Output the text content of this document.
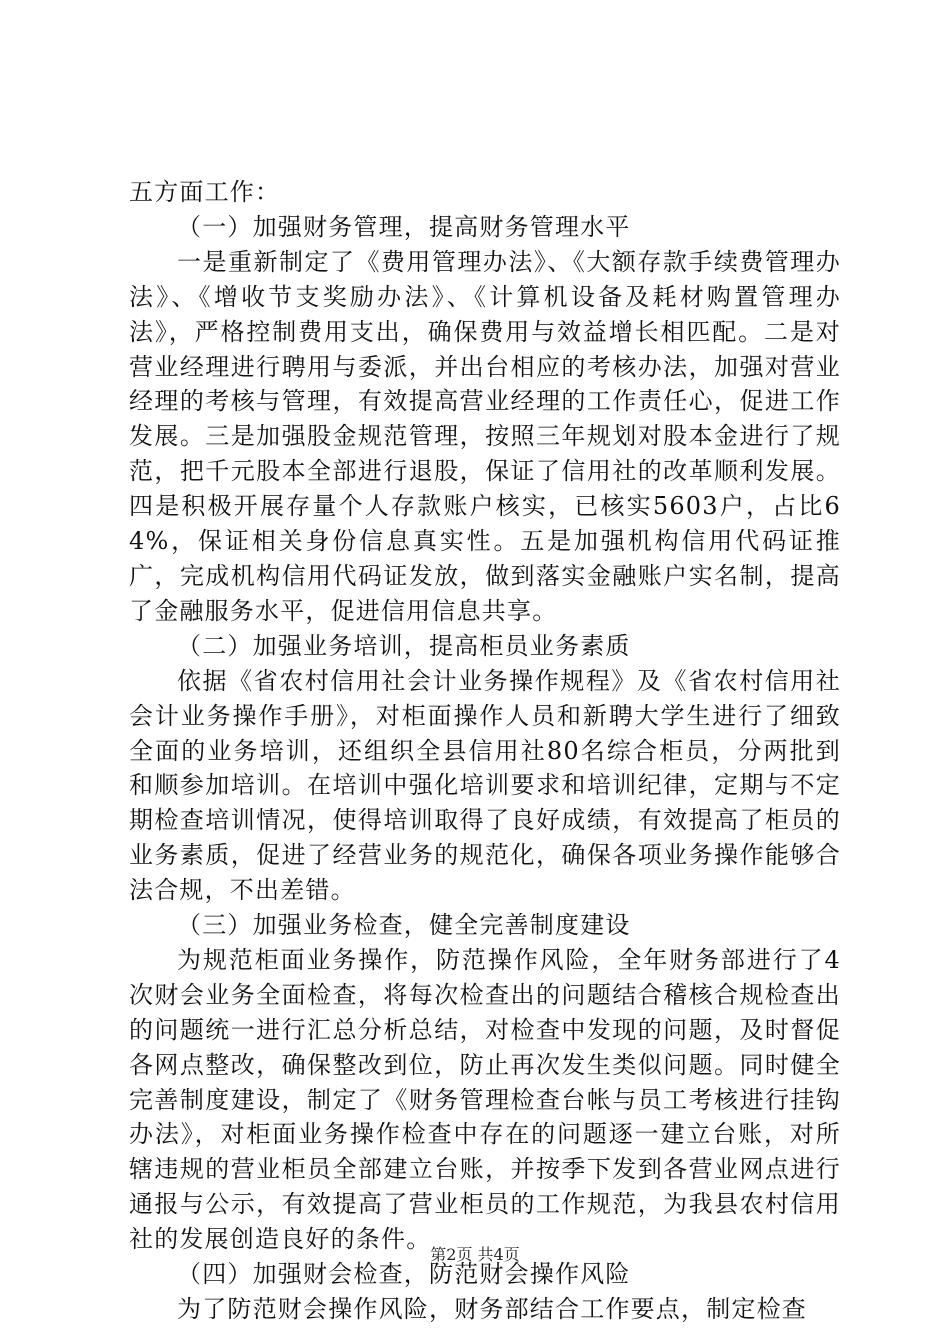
五方面工作：

（一）加强财务管理，提高财务管理水平

一是重新制定了《费用管理办法》、《大额存款手续费管理办法》、《增收节支奖励办法》、《计算机设备及耗材购置管理办法》，严格控制费用支出，确保费用与效益增长相匹配。二是对营业经理进行聘用与委派，并出台相应的考核办法，加强对营业经理的考核与管理，有效提高营业经理的工作责任心，促进工作发展。三是加强股金规范管理，按照三年规划对股本金进行了规范，把千元股本全部进行退股，保证了信用社的改革顺利发展。四是积极开展存量个人存款账户核实，已核实5603户，占比64%，保证相关身份信息真实性。五是加强机构信用代码证推广，完成机构信用代码证发放，做到落实金融账户实名制，提高了金融服务水平，促进信用信息共享。

（二）加强业务培训，提高柜员业务素质

依据《省农村信用社会计业务操作规程》及《省农村信用社会计业务操作手册》，对柜面操作人员和新聘大学生进行了细致全面的业务培训，还组织全县信用社80名综合柜员，分两批到和顺参加培训。在培训中强化培训要求和培训纪律，定期与不定期检查培训情况，使得培训取得了良好成绩，有效提高了柜员的业务素质，促进了经营业务的规范化，确保各项业务操作能够合法合规，不出差错。

（三）加强业务检查，健全完善制度建设

为规范柜面业务操作，防范操作风险，全年财务部进行了4次财会业务全面检查，将每次检查出的问题结合稽核合规检查出的问题统一进行汇总分析总结，对检查中发现的问题，及时督促各网点整改，确保整改到位，防止再次发生类似问题。同时健全完善制度建设，制定了《财务管理检查台帐与员工考核进行挂钩办法》，对柜面业务操作检查中存在的问题逐一建立台账，对所辖违规的营业柜员全部建立台账，并按季下发到各营业网点进行通报与公示，有效提高了营业柜员的工作规范，为我县农村信用社的发展创造良好的条件。

（四）加强财会检查，防范财会操作风险

为了防范财会操作风险，财务部结合工作要点，制定检查

第2页 共4页
